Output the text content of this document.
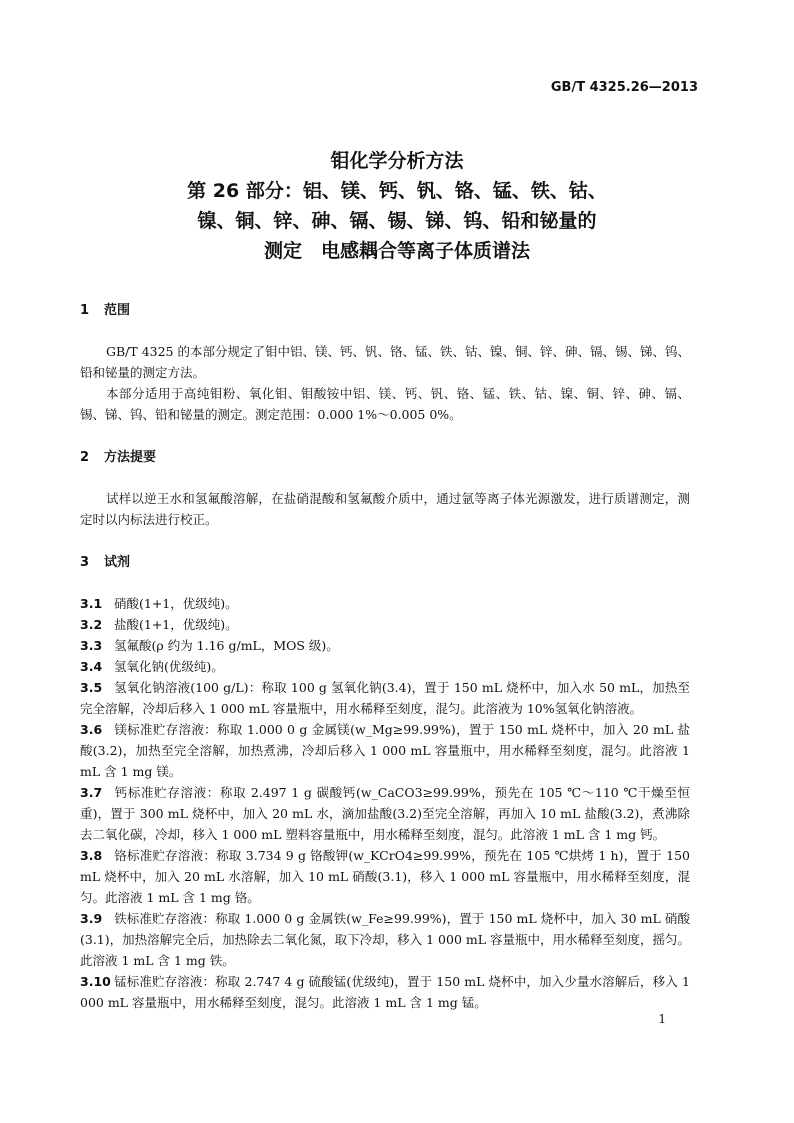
GB/T 4325.26—2013
钼化学分析方法
第 26 部分：铝、镁、钙、钒、铬、锰、铁、钴、
镍、铜、锌、砷、镉、锡、锑、钨、铅和铋量的
测定　电感耦合等离子体质谱法
1 范围

GB/T 4325 的本部分规定了钼中铝、镁、钙、钒、铬、锰、铁、钴、镍、铜、锌、砷、镉、锡、锑、钨、铅和铋量的测定方法。

本部分适用于高纯钼粉、氧化钼、钼酸铵中铝、镁、钙、钒、铬、锰、铁、钴、镍、铜、锌、砷、镉、锡、锑、钨、铅和铋量的测定。测定范围：0.000 1%～0.005 0%。

2 方法提要

试样以逆王水和氢氟酸溶解，在盐硝混酸和氢氟酸介质中，通过氩等离子体光源激发，进行质谱测定，测定时以内标法进行校正。

3 试剂

3.1 硝酸(1+1，优级纯)。

3.2 盐酸(1+1，优级纯)。

3.3 氢氟酸(ρ 约为 1.16 g/mL，MOS 级)。

3.4 氢氧化钠(优级纯)。

3.5 氢氧化钠溶液(100 g/L)：称取 100 g 氢氧化钠(3.4)，置于 150 mL 烧杯中，加入水 50 mL，加热至完全溶解，冷却后移入 1 000 mL 容量瓶中，用水稀释至刻度，混匀。此溶液为 10%氢氧化钠溶液。

3.6 镁标准贮存溶液：称取 1.000 0 g 金属镁(w_Mg≥99.99%)，置于 150 mL 烧杯中，加入 20 mL 盐酸(3.2)，加热至完全溶解，加热煮沸，冷却后移入 1 000 mL 容量瓶中，用水稀释至刻度，混匀。此溶液 1 mL 含 1 mg 镁。

3.7 钙标准贮存溶液：称取 2.497 1 g 碳酸钙(w_CaCO3≥99.99%，预先在 105 ℃～110 ℃干燥至恒重)，置于 300 mL 烧杯中，加入 20 mL 水，滴加盐酸(3.2)至完全溶解，再加入 10 mL 盐酸(3.2)，煮沸除去二氧化碳，冷却，移入 1 000 mL 塑料容量瓶中，用水稀释至刻度，混匀。此溶液 1 mL 含 1 mg 钙。

3.8 铬标准贮存溶液：称取 3.734 9 g 铬酸钾(w_KCrO4≥99.99%，预先在 105 ℃烘烤 1 h)，置于 150 mL 烧杯中，加入 20 mL 水溶解，加入 10 mL 硝酸(3.1)，移入 1 000 mL 容量瓶中，用水稀释至刻度，混匀。此溶液 1 mL 含 1 mg 铬。

3.9 铁标准贮存溶液：称取 1.000 0 g 金属铁(w_Fe≥99.99%)，置于 150 mL 烧杯中，加入 30 mL 硝酸(3.1)，加热溶解完全后，加热除去二氧化氮，取下冷却，移入 1 000 mL 容量瓶中，用水稀释至刻度，摇匀。此溶液 1 mL 含 1 mg 铁。

3.10 锰标准贮存溶液：称取 2.747 4 g 硫酸锰(优级纯)，置于 150 mL 烧杯中，加入少量水溶解后，移入 1 000 mL 容量瓶中，用水稀释至刻度，混匀。此溶液 1 mL 含 1 mg 锰。

1
